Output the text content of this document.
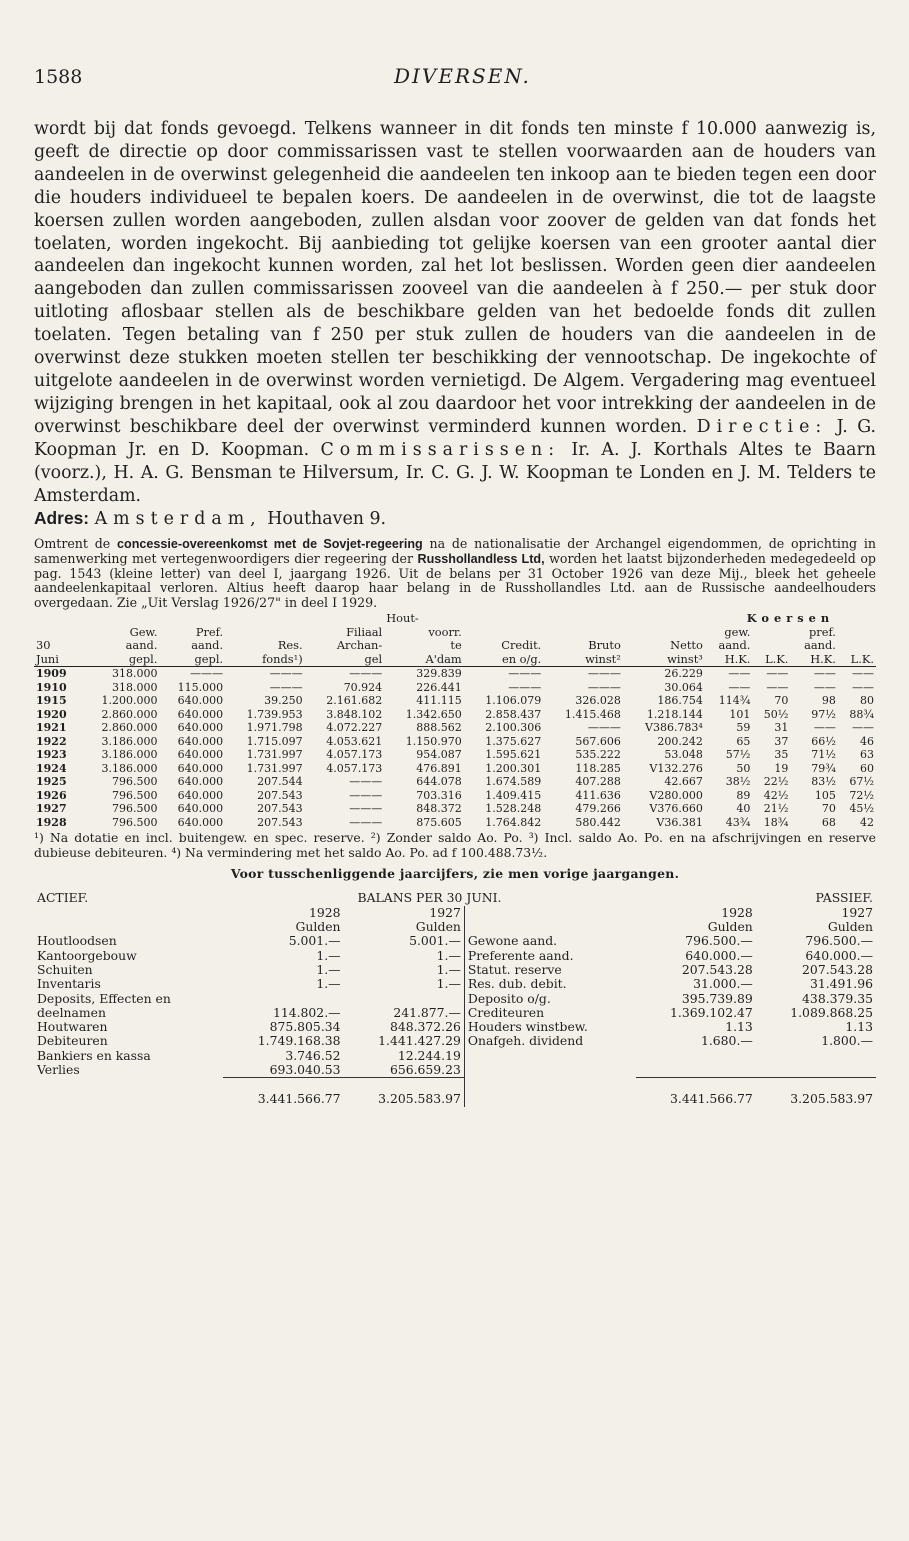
1588	DIVERSEN.

wordt bij dat fonds gevoegd. Telkens wanneer in dit fonds ten minste f 10.000 aanwezig is, geeft de directie op door commissarissen vast te stellen voorwaarden aan de houders van aandeelen in de overwinst gelegenheid die aandeelen ten inkoop aan te bieden tegen een door die houders individueel te bepalen koers. De aandeelen in de overwinst, die tot de laagste koersen zullen worden aangeboden, zullen alsdan voor zoover de gelden van dat fonds het toelaten, worden ingekocht. Bij aanbieding tot gelijke koersen van een grooter aantal dier aandeelen dan ingekocht kunnen worden, zal het lot beslissen. Worden geen dier aandeelen aangeboden dan zullen commissarissen zooveel van die aandeelen à f 250.— per stuk door uitloting aflosbaar stellen als de beschikbare gelden van het bedoelde fonds dit zullen toelaten. Tegen betaling van f 250 per stuk zullen de houders van die aandeelen in de overwinst deze stukken moeten stellen ter beschikking der vennootschap. De ingekochte of uitgelote aandeelen in de overwinst worden vernietigd. De Algem. Vergadering mag eventueel wijziging brengen in het kapitaal, ook al zou daardoor het voor intrekking der aandeelen in de overwinst beschikbare deel der overwinst verminderd kunnen worden. Directie: J. G. Koopman Jr. en D. Koopman. Commissarissen: Ir. A. J. Korthals Altes te Baarn (voorz.), H. A. G. Bensman te Hilversum, Ir. C. G. J. W. Koopman te Londen en J. M. Telders te Amsterdam.

Adres: Amsterdam, Houthaven 9.

Omtrent de concessie-overeenkomst met de Sovjet-regeering na de nationalisatie der Archangel eigendommen, de oprichting in samenwerking met vertegenwoordigers dier regeering der Russhollandless Ltd, worden het laatst bijzonderheden medegedeeld op pag. 1543 (kleine letter) van deel I, jaargang 1926. Uit de belans per 31 October 1926 van deze Mij., bleek het geheele aandeelenkapitaal verloren. Altius heeft daarop haar belang in de Russhollandles Ltd. aan de Russische aandeelhouders overgedaan. Zie „Uit Verslag 1926/27" in deel I 1929.
					Hout-				Koersen			
	Gew.	Pref.		Filiaal	voorr.				gew.		pref.	
30	aand.	aand.	Res.	Archan-	te	Credit.	Bruto	Netto	aand.		aand.	
Juni	gepl.	gepl.	fonds¹)	gel	A'dam	en o/g.	winst²	winst³	H.K.	L.K.	H.K.	L.K.
1909	318.000	———	———	———	329.839	———	———	26.229	——	——	——	——
1910	318.000	115.000	———	70.924	226.441	———	———	30.064	——	——	——	——
1915	1.200.000	640.000	39.250	2.161.682	411.115	1.106.079	326.028	186.754	114¾	70	98	80
1920	2.860.000	640.000	1.739.953	3.848.102	1.342.650	2.858.437	1.415.468	1.218.144	101	50½	97½	88¾
1921	2.860.000	640.000	1.971.798	4.072.227	888.562	2.100.306	———	V386.783⁴	59	31	——	——
1922	3.186.000	640.000	1.715.097	4.053.621	1.150.970	1.375.627	567.606	200.242	65	37	66½	46
1923	3.186.000	640.000	1.731.997	4.057.173	954.087	1.595.621	535.222	53.048	57½	35	71½	63
1924	3.186.000	640.000	1.731.997	4.057.173	476.891	1.200.301	118.285	V132.276	50	19	79¾	60
1925	796.500	640.000	207.544	———	644.078	1.674.589	407.288	42.667	38½	22½	83½	67½
1926	796.500	640.000	207.543	———	703.316	1.409.415	411.636	V280.000	89	42½	105	72½
1927	796.500	640.000	207.543	———	848.372	1.528.248	479.266	V376.660	40	21½	70	45½
1928	796.500	640.000	207.543	———	875.605	1.764.842	580.442	V36.381	43¾	18¾	68	42
¹) Na dotatie en incl. buitengew. en spec. reserve. ²) Zonder saldo Ao. Po. ³) Incl. saldo Ao. Po. en na afschrijvingen en reserve dubieuse debiteuren. ⁴) Na vermindering met het saldo Ao. Po. ad f 100.488.73½.
Voor tusschenliggende jaarcijfers, zie men vorige jaargangen.
ACTIEF.	BALANS PER 30 JUNI.			PASSIEF.	
	1928	1927		1928	1927
	Gulden	Gulden		Gulden	Gulden
Houtloodsen	5.001.—	5.001.—	Gewone aand.	796.500.—	796.500.—
Kantoorgebouw	1.—	1.—	Preferente aand.	640.000.—	640.000.—
Schuiten	1.—	1.—	Statut. reserve	207.543.28	207.543.28
Inventaris	1.—	1.—	Res. dub. debit.	31.000.—	31.491.96
Deposits, Effecten en			Deposito o/g.	395.739.89	438.379.35
deelnamen	114.802.—	241.877.—	Crediteuren	1.369.102.47	1.089.868.25
Houtwaren	875.805.34	848.372.26	Houders winstbew.	1.13	1.13
Debiteuren	1.749.168.38	1.441.427.29	Onafgeh. dividend	1.680.—	1.800.—
Bankiers en kassa	3.746.52	12.244.19			
Verlies	693.040.53	656.659.23			
	3.441.566.77	3.205.583.97		3.441.566.77	3.205.583.97
